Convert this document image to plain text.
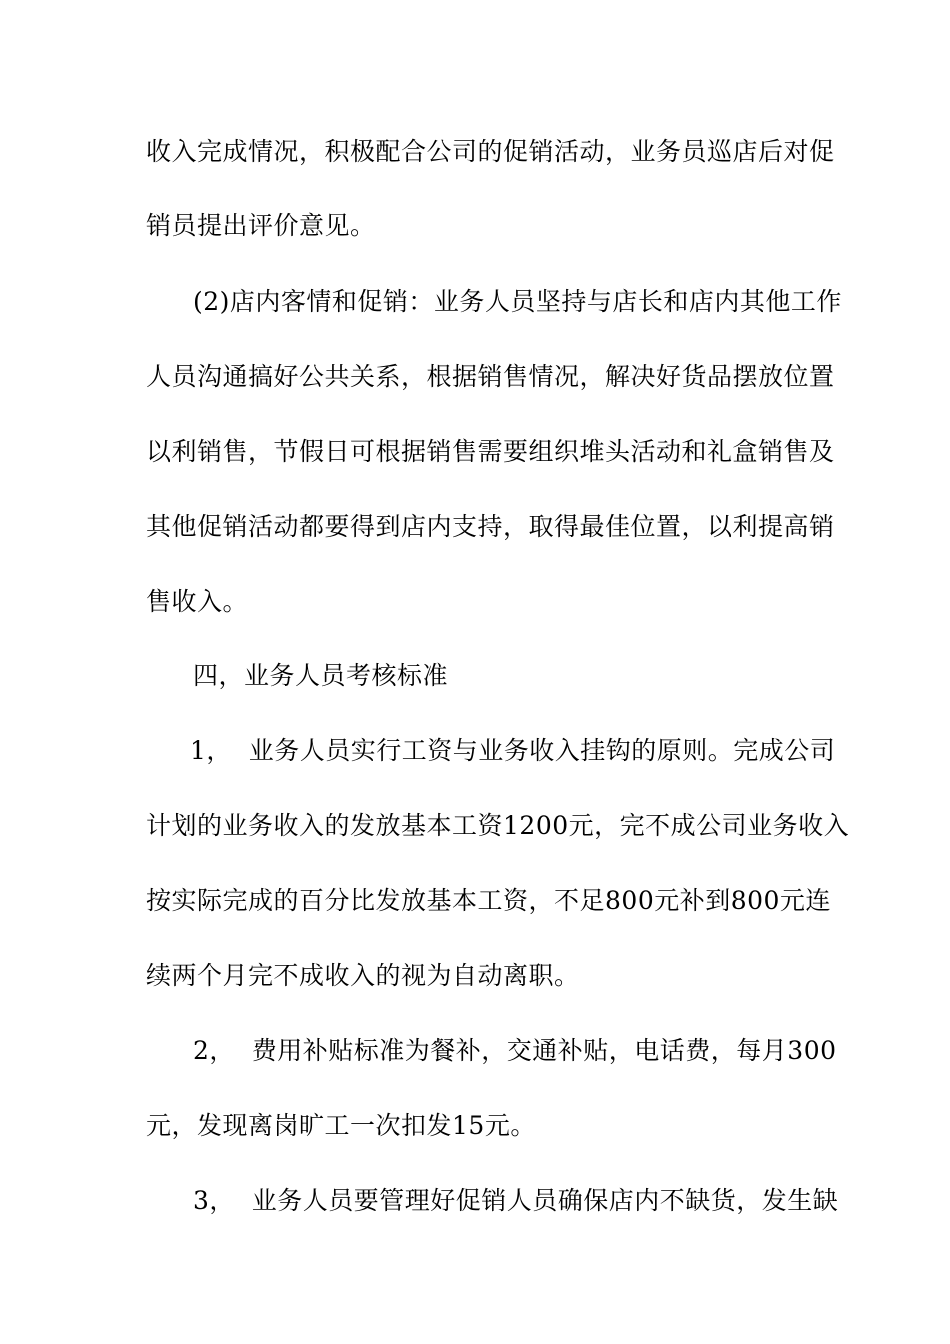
收入完成情况，积极配合公司的促销活动，业务员巡店后对促
销员提出评价意见。
(2)店内客情和促销：业务人员坚持与店长和店内其他工作
人员沟通搞好公共关系，根据销售情况，解决好货品摆放位置
以利销售，节假日可根据销售需要组织堆头活动和礼盒销售及
其他促销活动都要得到店内支持，取得最佳位置，以利提高销
售收入。
四，业务人员考核标准
1，  业务人员实行工资与业务收入挂钩的原则。完成公司
计划的业务收入的发放基本工资1200元，完不成公司业务收入
按实际完成的百分比发放基本工资，不足800元补到800元连
续两个月完不成收入的视为自动离职。
2，  费用补贴标准为餐补，交通补贴，电话费，每月300
元，发现离岗旷工一次扣发15元。
3，  业务人员要管理好促销人员确保店内不缺货，发生缺
